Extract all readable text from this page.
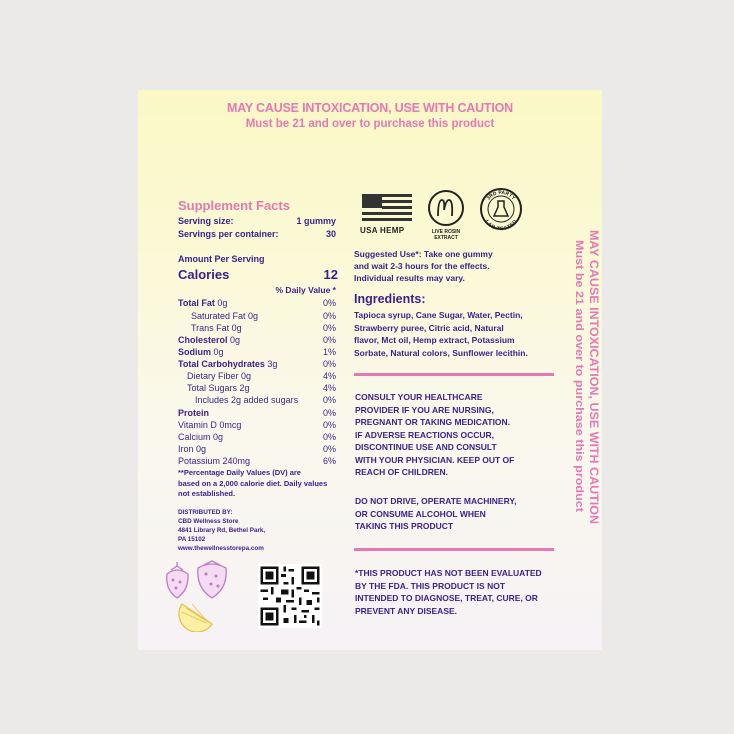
MAY CAUSE INTOXICATION, USE WITH CAUTION
Must be 21 and over to purchase this product
MAY CAUSE INTOXICATION, USE WITH CAUTION
Must be 21 and over to purchase this product
Supplement Facts
Serving size:	1 gummy
Servings per container:	30
Amount Per Serving
Calories	12
% Daily Value *
Total Fat 0g	0%
Saturated Fat 0g	0%
Trans Fat 0g	0%
Cholesterol 0g	0%
Sodium 0g	1%
Total Carbohydrates 3g	0%
Dietary Fiber 0g	4%
Total Sugars 2g	4%
Includes 2g added sugars	0%
Protein	0%
Vitamin D 0mcg	0%
Calcium 0g	0%
Iron 0g	0%
Potassium 240mg	6%
**Percentage Daily Values (DV) are
based on a 2,000 calorie diet. Daily values
not established.
DISTRIBUTED BY:
CBD Wellness Store
4841 Library Rd, Bethel Park,
PA 15102
www.thewellnesstorepa.com
USA HEMP	LIVE ROSIN
EXTRACT
3RD PARTY
LAB TESTED
Suggested Use*: Take one gummy
and wait 2-3 hours for the effects.
Individual results may vary.
Ingredients:
Tapioca syrup, Cane Sugar, Water, Pectin,
Strawberry puree, Citric acid, Natural
flavor, Mct oil, Hemp extract, Potassium
Sorbate, Natural colors, Sunflower lecithin.
CONSULT YOUR HEALTHCARE
PROVIDER IF YOU ARE NURSING,
PREGNANT OR TAKING MEDICATION.
IF ADVERSE REACTIONS OCCUR,
DISCONTINUE USE AND CONSULT
WITH YOUR PHYSICIAN. KEEP OUT OF
REACH OF CHILDREN.
DO NOT DRIVE, OPERATE MACHINERY,
OR CONSUME ALCOHOL WHEN
TAKING THIS PRODUCT
*THIS PRODUCT HAS NOT BEEN EVALUATED
BY THE FDA. THIS PRODUCT IS NOT
INTENDED TO DIAGNOSE, TREAT, CURE, OR
PREVENT ANY DISEASE.
